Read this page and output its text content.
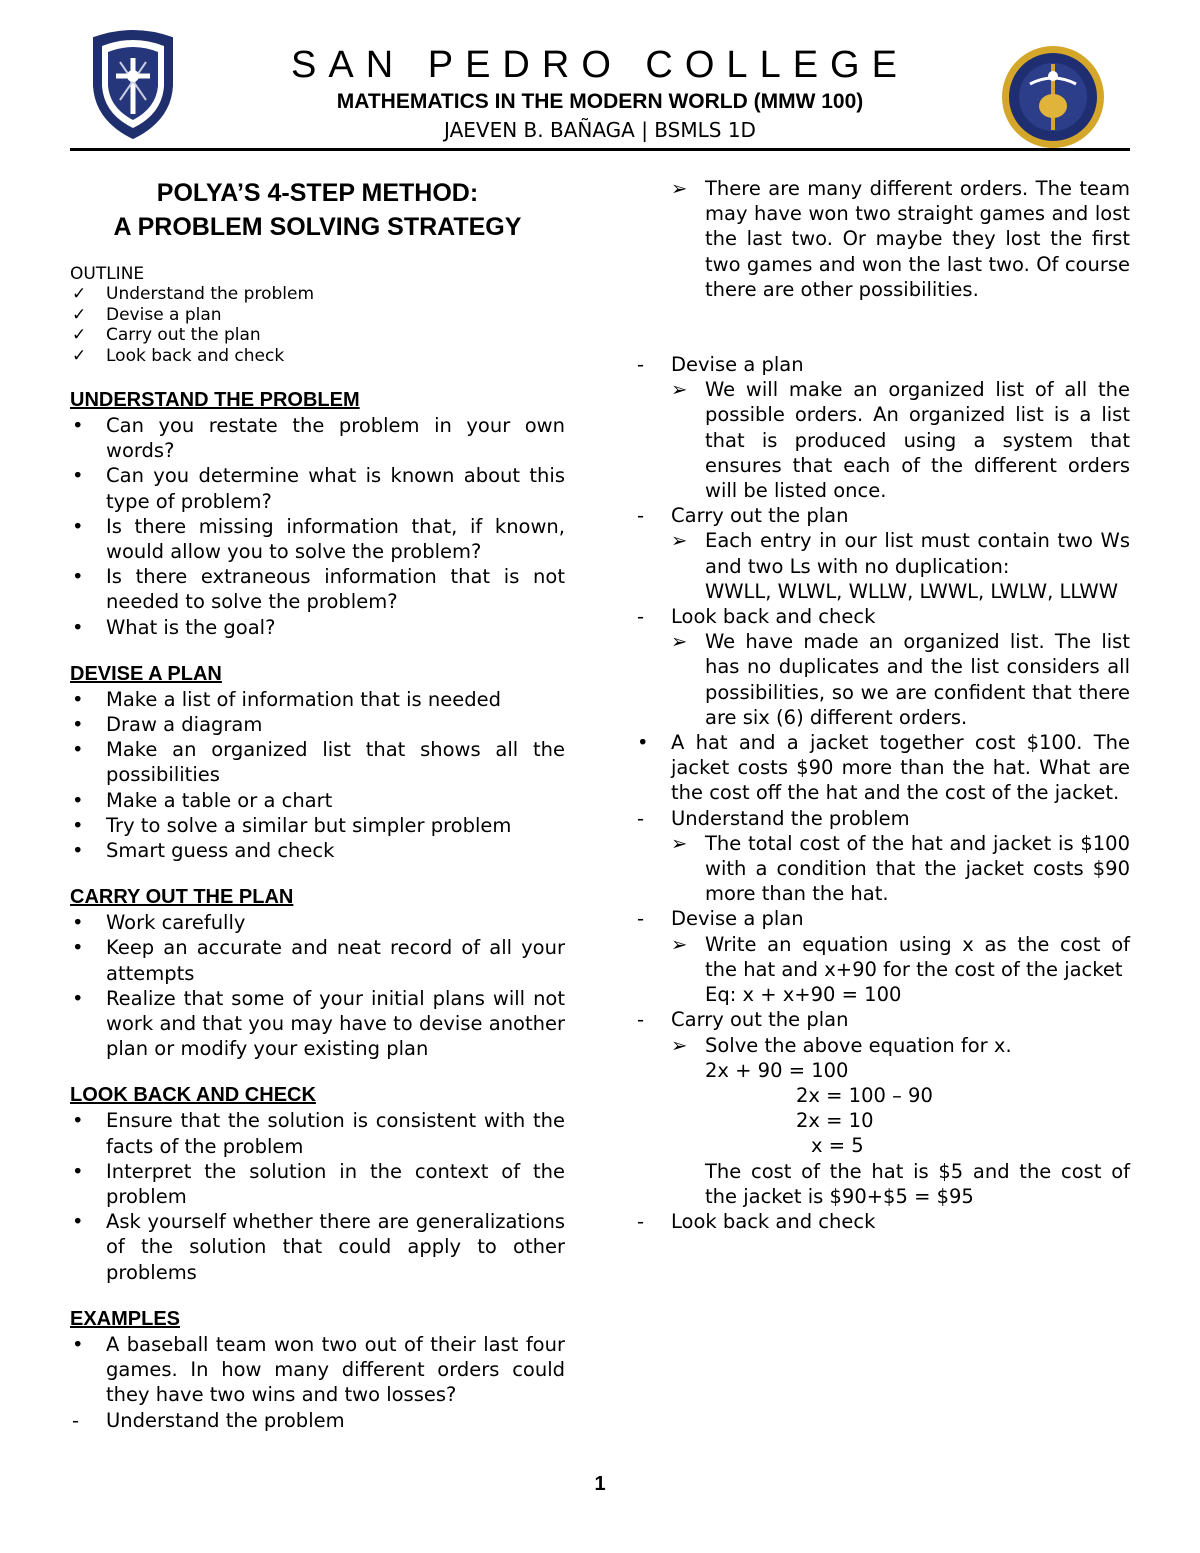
SAN PEDRO COLLEGE
MATHEMATICS IN THE MODERN WORLD (MMW 100)
JAEVEN B. BAÑAGA | BSMLS 1D
POLYA’S 4-STEP METHOD:
A PROBLEM SOLVING STRATEGY
OUTLINE
✓ Understand the problem
✓ Devise a plan
✓ Carry out the plan
✓ Look back and check
UNDERSTAND THE PROBLEM
• Can you restate the problem in your own words?
• Can you determine what is known about this type of problem?
• Is there missing information that, if known, would allow you to solve the problem?
• Is there extraneous information that is not needed to solve the problem?
• What is the goal?
DEVISE A PLAN
• Make a list of information that is needed
• Draw a diagram
• Make an organized list that shows all the possibilities
• Make a table or a chart
• Try to solve a similar but simpler problem
• Smart guess and check
CARRY OUT THE PLAN
• Work carefully
• Keep an accurate and neat record of all your attempts
• Realize that some of your initial plans will not work and that you may have to devise another plan or modify your existing plan
LOOK BACK AND CHECK
• Ensure that the solution is consistent with the facts of the problem
• Interpret the solution in the context of the problem
• Ask yourself whether there are generalizations of the solution that could apply to other problems
EXAMPLES
• A baseball team won two out of their last four games. In how many different orders could they have two wins and two losses?
- Understand the problem
➢ There are many different orders. The team may have won two straight games and lost the last two. Or maybe they lost the first two games and won the last two. Of course there are other possibilities.
- Devise a plan
➢ We will make an organized list of all the possible orders. An organized list is a list that is produced using a system that ensures that each of the different orders will be listed once.
- Carry out the plan
➢ Each entry in our list must contain two Ws and two Ls with no duplication:
WWLL, WLWL, WLLW, LWWL, LWLW, LLWW
- Look back and check
➢ We have made an organized list. The list has no duplicates and the list considers all possibilities, so we are confident that there are six (6) different orders.
• A hat and a jacket together cost $100. The jacket costs $90 more than the hat. What are the cost off the hat and the cost of the jacket.
- Understand the problem
➢ The total cost of the hat and jacket is $100 with a condition that the jacket costs $90 more than the hat.
- Devise a plan
➢ Write an equation using x as the cost of the hat and x+90 for the cost of the jacket
Eq: x + x+90 = 100
- Carry out the plan
➢ Solve the above equation for x.
2x + 90 = 100
2x = 100 – 90
2x = 10
x = 5
The cost of the hat is $5 and the cost of the jacket is $90+$5 = $95
- Look back and check
1
